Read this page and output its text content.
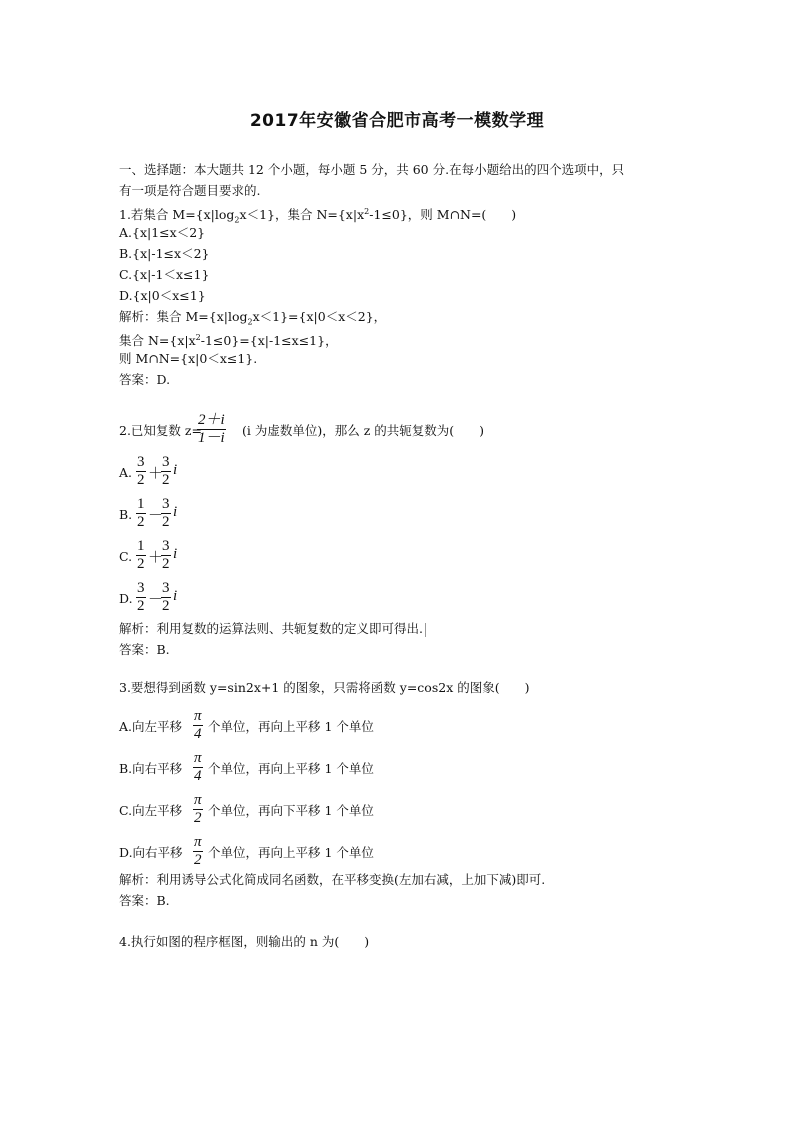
2017年安徽省合肥市高考一模数学理
一、选择题：本大题共 12 个小题，每小题 5 分，共 60 分.在每小题给出的四个选项中，只
有一项是符合题目要求的.
1.若集合 $M=\{x|\log_2x<1\}$，集合 $N=\{x|x^2-1\le 0\}$，则 M∩N=(　　)
A.{x|1≤x＜2}
B.{x|-1≤x＜2}
C.{x|-1＜x≤1}
D.{x|0＜x≤1}
解析：集合 $M=\{x|\log_2x<1\}=\{x|0<x<2\}$，
集合 $N=\{x|x^2-1\le 0\}=\{x|-1\le x\le 1\}$，
则 M∩N={x|0＜x≤1}.
答案：D.
2.已知复数 z=
$\frac{2+i}{1-i} (i$ 为虚数单位)，那么 z 的共轭复数为(　　)
A. $\frac{3}{2}$ ＋
$\frac{3}{2}$ i
B. $\frac{1}{2}$ －
$\frac{3}{2}$ i
C. $\frac{1}{2}$ ＋
$\frac{3}{2}$ i
D. $\frac{3}{2}$ －
$\frac{3}{2}$ i
解析：利用复数的运算法则、共轭复数的定义即可得出.
答案：B.
3.要想得到函数 y=sin2x+1 的图象，只需将函数 y=cos2x 的图象(　　)
A.向左平移 $\frac{\pi}{4}$ 个单位，再向上平移 1 个单位
B.向右平移 $\frac{\pi}{4}$ 个单位，再向上平移 1 个单位
C.向左平移 $\frac{\pi}{2}$ 个单位，再向下平移 1 个单位
D.向右平移 $\frac{\pi}{2}$ 个单位，再向上平移 1 个单位
解析：利用诱导公式化简成同名函数，在平移变换(左加右减，上加下减)即可.
答案：B.
4.执行如图的程序框图，则输出的 n 为(　　)
